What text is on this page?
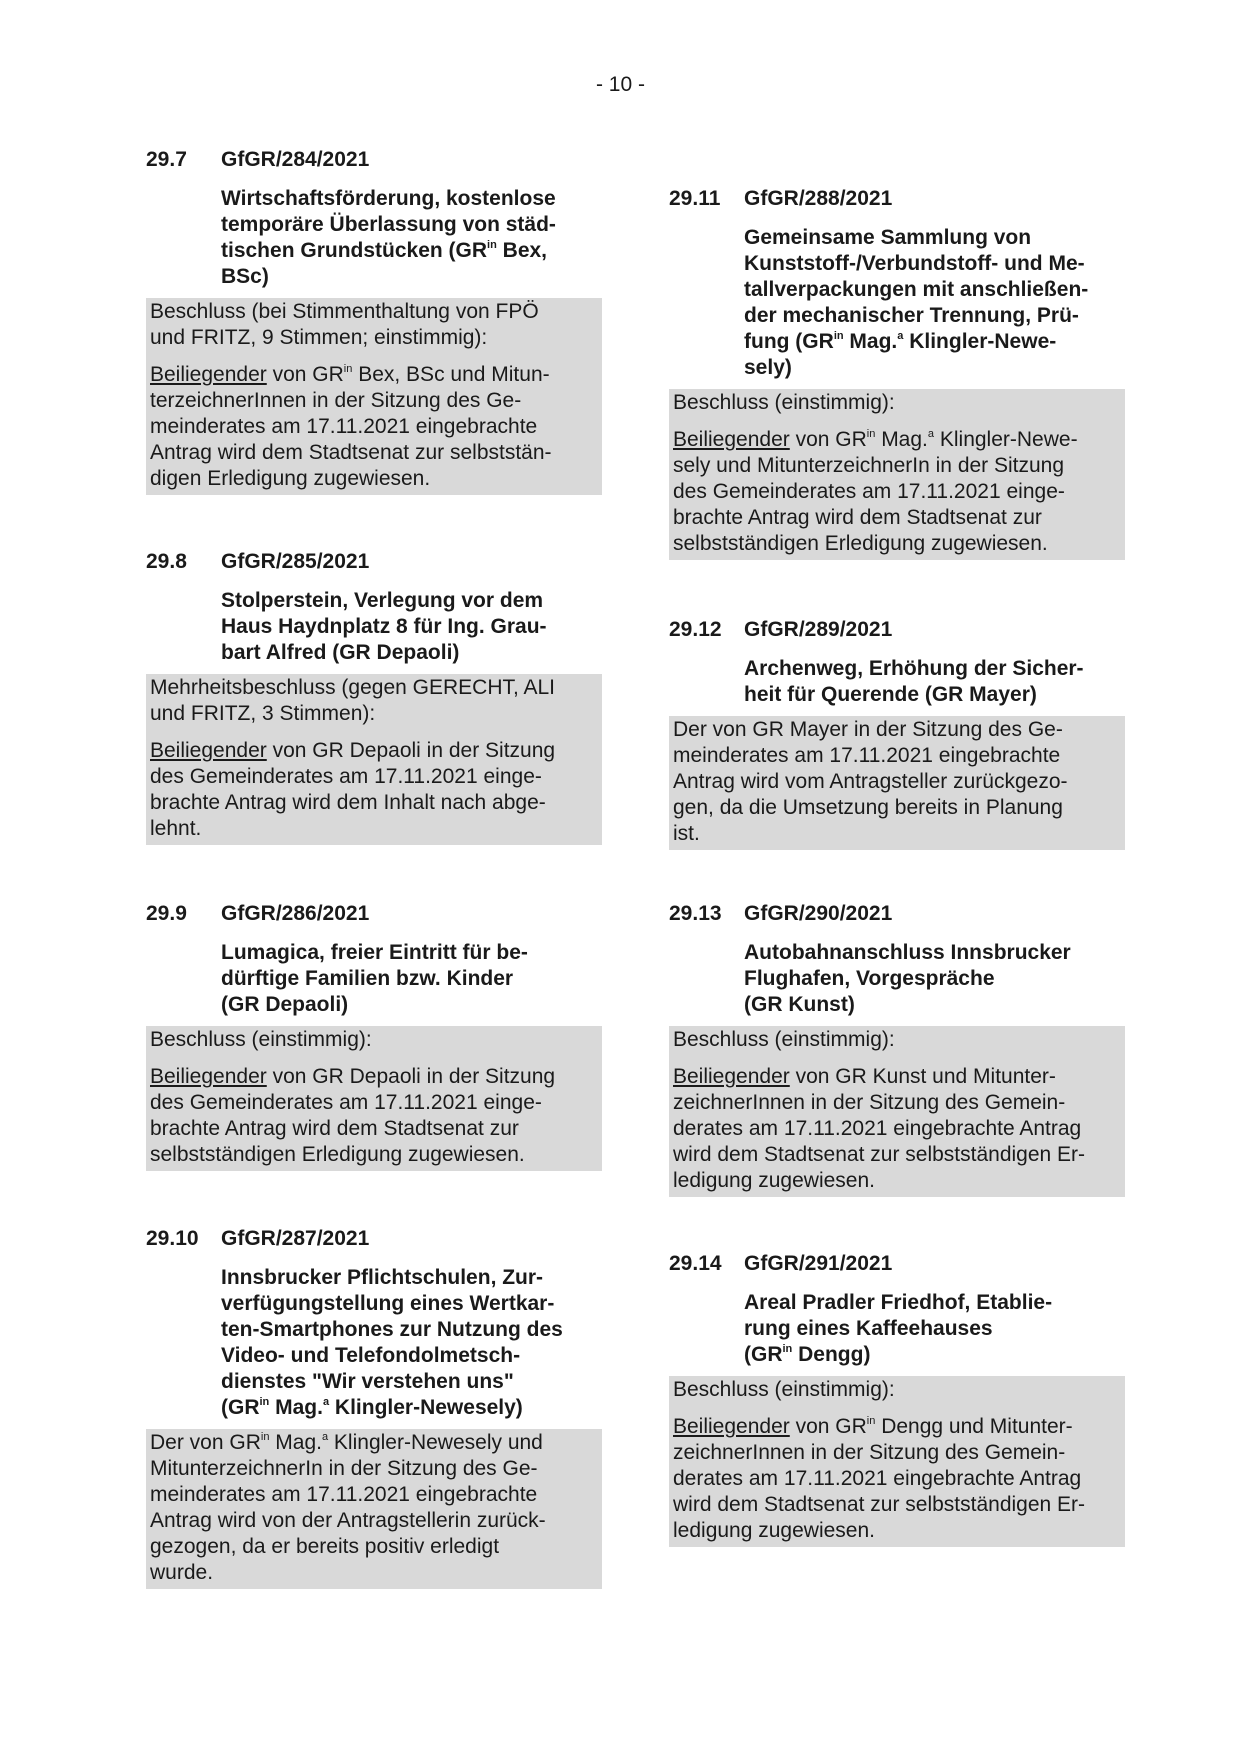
- 10 -
29.7	GfGR/284/2021
Wirtschaftsförderung, kostenlose
temporäre Überlassung von städ-
tischen Grundstücken ($GR^{in}$ Bex,
BSc)

Beschluss (bei Stimmenthaltung von FPÖ
und FRITZ, 9 Stimmen; einstimmig):

Beiliegender von $GR^{in}$ Bex, BSc und Mitun-
terzeichnerInnen in der Sitzung des Ge-
meinderates am 17.11.2021 eingebrachte
Antrag wird dem Stadtsenat zur selbststän-
digen Erledigung zugewiesen.

29.8	GfGR/285/2021
Stolperstein, Verlegung vor dem
Haus Haydnplatz 8 für Ing. Grau-
bart Alfred (GR Depaoli)

Mehrheitsbeschluss (gegen GERECHT, ALI
und FRITZ, 3 Stimmen):

Beiliegender von GR Depaoli in der Sitzung
des Gemeinderates am 17.11.2021 einge-
brachte Antrag wird dem Inhalt nach abge-
lehnt.

29.9	GfGR/286/2021
Lumagica, freier Eintritt für be-
dürftige Familien bzw. Kinder
(GR Depaoli)

Beschluss (einstimmig):

Beiliegender von GR Depaoli in der Sitzung
des Gemeinderates am 17.11.2021 einge-
brachte Antrag wird dem Stadtsenat zur
selbstständigen Erledigung zugewiesen.

29.10	GfGR/287/2021
Innsbrucker Pflichtschulen, Zur-
verfügungstellung eines Wertkar-
ten-Smartphones zur Nutzung des
Video- und Telefondolmetsch-
dienstes "Wir verstehen uns"
($GR^{in}$ Mag.$^a$ Klingler-Newesely)

Der von $GR^{in}$ Mag.$^a$ Klingler-Newesely und
MitunterzeichnerIn in der Sitzung des Ge-
meinderates am 17.11.2021 eingebrachte
Antrag wird von der Antragstellerin zurück-
gezogen, da er bereits positiv erledigt
wurde.

29.11	GfGR/288/2021
Gemeinsame Sammlung von
Kunststoff-/Verbundstoff- und Me-
tallverpackungen mit anschließen-
der mechanischer Trennung, Prü-
fung ($GR^{in}$ Mag.$^a$ Klingler-Newe-
sely)

Beschluss (einstimmig):

Beiliegender von $GR^{in}$ Mag.$^a$ Klingler-Newe-
sely und MitunterzeichnerIn in der Sitzung
des Gemeinderates am 17.11.2021 einge-
brachte Antrag wird dem Stadtsenat zur
selbstständigen Erledigung zugewiesen.

29.12	GfGR/289/2021
Archenweg, Erhöhung der Sicher-
heit für Querende (GR Mayer)

Der von GR Mayer in der Sitzung des Ge-
meinderates am 17.11.2021 eingebrachte
Antrag wird vom Antragsteller zurückgezo-
gen, da die Umsetzung bereits in Planung
ist.

29.13	GfGR/290/2021
Autobahnanschluss Innsbrucker
Flughafen, Vorgespräche
(GR Kunst)

Beschluss (einstimmig):

Beiliegender von GR Kunst und Mitunter-
zeichnerInnen in der Sitzung des Gemein-
derates am 17.11.2021 eingebrachte Antrag
wird dem Stadtsenat zur selbstständigen Er-
ledigung zugewiesen.

29.14	GfGR/291/2021
Areal Pradler Friedhof, Etablie-
rung eines Kaffeehauses
($GR^{in}$ Dengg)

Beschluss (einstimmig):

Beiliegender von $GR^{in}$ Dengg und Mitunter-
zeichnerInnen in der Sitzung des Gemein-
derates am 17.11.2021 eingebrachte Antrag
wird dem Stadtsenat zur selbstständigen Er-
ledigung zugewiesen.
